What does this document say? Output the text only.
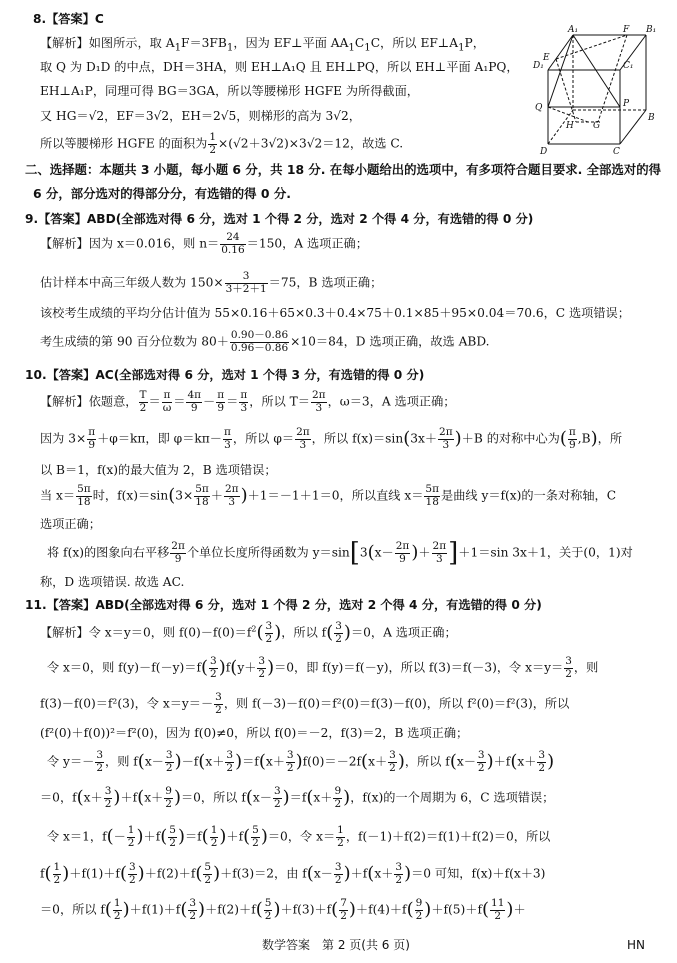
8.【答案】C
【解析】如图所示，取 $A_1F=3FB_1$，因为 EF⊥平面 $AA_1C_1C$，所以 $EF\perp A_1P$，
取 Q 为 D₁D 的中点，DH＝3HA，则 EH⊥A₁Q 且 EH⊥PQ，所以 EH⊥平面 A₁PQ，
EH⊥A₁P，同理可得 BG＝3GA，所以等腰梯形 HGFE 为所得截面，
又 HG＝√2，EF＝3√2，EH＝2√5，则梯形的高为 3√2，
所以等腰梯形 HGFE 的面积为 $\frac{1}{2} \times(√2+3√2)\times 3√2=12$，故选 C.
A₁	F B₁
D₁
E
C₁
Q	P
B
H G
D	C
二、选择题：本题共 3 小题，每小题 6 分，共 18 分. 在每小题给出的选项中，有多项符合题目要求. 全部选对的得
6 分，部分选对的得部分分，有选错的得 0 分.
9.【答案】ABD(全部选对得 6 分，选对 1 个得 2 分，选对 2 个得 4 分，有选错的得 0 分)
【解析】因为 x＝0.016，则 $n= \frac{24}{0.16} =150$，A 选项正确；
估计样本中高三年级人数为 $150\times \frac{3}{3+2+1} =75$，B 选项正确；
该校考生成绩的平均分估计值为 55×0.16＋65×0.3＋0.4×75＋0.1×85＋95×0.04＝70.6，C 选项错误；
考生成绩的第 90 百分位数为 $80+ \frac{0.90-0.86}{0.96-0.86} \times 10=84$，D 选项正确，故选 ABD.
10.【答案】AC(全部选对得 6 分，选对 1 个得 3 分，有选错的得 0 分)
【解析】依题意， $\frac{T}{2} = \frac{\pi}{\omega} = \frac{4\pi}{9} - \frac{\pi}{9} = \frac{\pi}{3}$ ，所以 $T= \frac{2\pi}{3}$ ，ω＝3，A 选项正确；
因为 $3\times \frac{\pi}{9} +\varphi=k\pi$，即 $\varphi=k\pi- \frac{\pi}{3}$ ，所以 $\varphi= \frac{2\pi}{3}$ ，所以 $f(x)=\sin(3x+ \frac{2\pi}{3} )+B$ 的对称中心为( $\frac{\pi}{9} ,B$)，所
以 B＝1，f(x)的最大值为 2，B 选项错误；
当 $x= \frac{5\pi}{18}$ 时，$f(x)=\sin(3\times \frac{5\pi}{18} + \frac{2\pi}{3} )+1=-1+1=0$，所以直线 $x= \frac{5\pi}{18}$ 是曲线 y＝f(x)的一条对称轴，C
选项正确；
将 f(x)的图象向右平移 $\frac{2\pi}{9}$ 个单位长度所得函数为 $y=\sin[3(x- \frac{2\pi}{9}$ )＋ $\frac{2\pi}{3} ]+1=\sin$ 3x＋1，关于(0，1)对
称，D 选项错误. 故选 AC.
11.【答案】ABD(全部选对得 6 分，选对 1 个得 2 分，选对 2 个得 4 分，有选错的得 0 分)
【解析】令 x＝y＝0，则 $f(0)-f(0)=f^2( \frac{3}{2}$ )，所以 $f( \frac{3}{2} )=0$，A 选项正确；
令 x＝0，则 $f(y)-f(-y)=f( \frac{3}{2} )f(y+ \frac{3}{2} )=0$，即 f(y)＝f(－y)，所以 f(3)＝f(－3)，令 $x=y= \frac{3}{2}$ ，则
f(3)－f(0)＝f²(3)，令 $x=y=- \frac{3}{2}$ ，则 f(－3)－f(0)＝f²(0)＝f(3)－f(0)，所以 f²(0)＝f²(3)，所以
(f²(0)＋f(0))²＝f²(0)，因为 f(0)≠0，所以 f(0)＝－2，f(3)＝2，B 选项正确；
令 $y=- \frac{3}{2}$ ，则 $f(x- \frac{3}{2} )-f(x+ \frac{3}{2} )=f(x+ \frac{3}{2} )f(0)=-2f(x+ \frac{3}{2}$ )，所以 $f(x- \frac{3}{2} )+f(x+ \frac{3}{2}$ )
＝0，$f(x+ \frac{3}{2} )+f(x+ \frac{9}{2} )=0$，所以 $f(x- \frac{3}{2} )=f(x+ \frac{9}{2}$ )，f(x)的一个周期为 6，C 选项错误；
令 x＝1，$f(- \frac{1}{2} )+f( \frac{5}{2} )=f( \frac{1}{2} )+f( \frac{5}{2} )=0$，令 $x= \frac{1}{2}$ ，f(－1)＋f(2)＝f(1)＋f(2)＝0，所以
$f( \frac{1}{2} )+f(1)+f( \frac{3}{2} )+f(2)+f( \frac{5}{2} )+f(3)=2$，由 $f(x- \frac{3}{2} )+f(x+ \frac{3}{2} )=0$ 可知，f(x)＋f(x＋3)
＝0，所以 $f( \frac{1}{2} )+f(1)+f( \frac{3}{2} )+f(2)+f( \frac{5}{2} )+f(3)+f( \frac{7}{2} )+f(4)+f( \frac{9}{2} )+f(5)+f( \frac{11}{2}$ )＋
数学答案　第 2 页(共 6 页)	HN
